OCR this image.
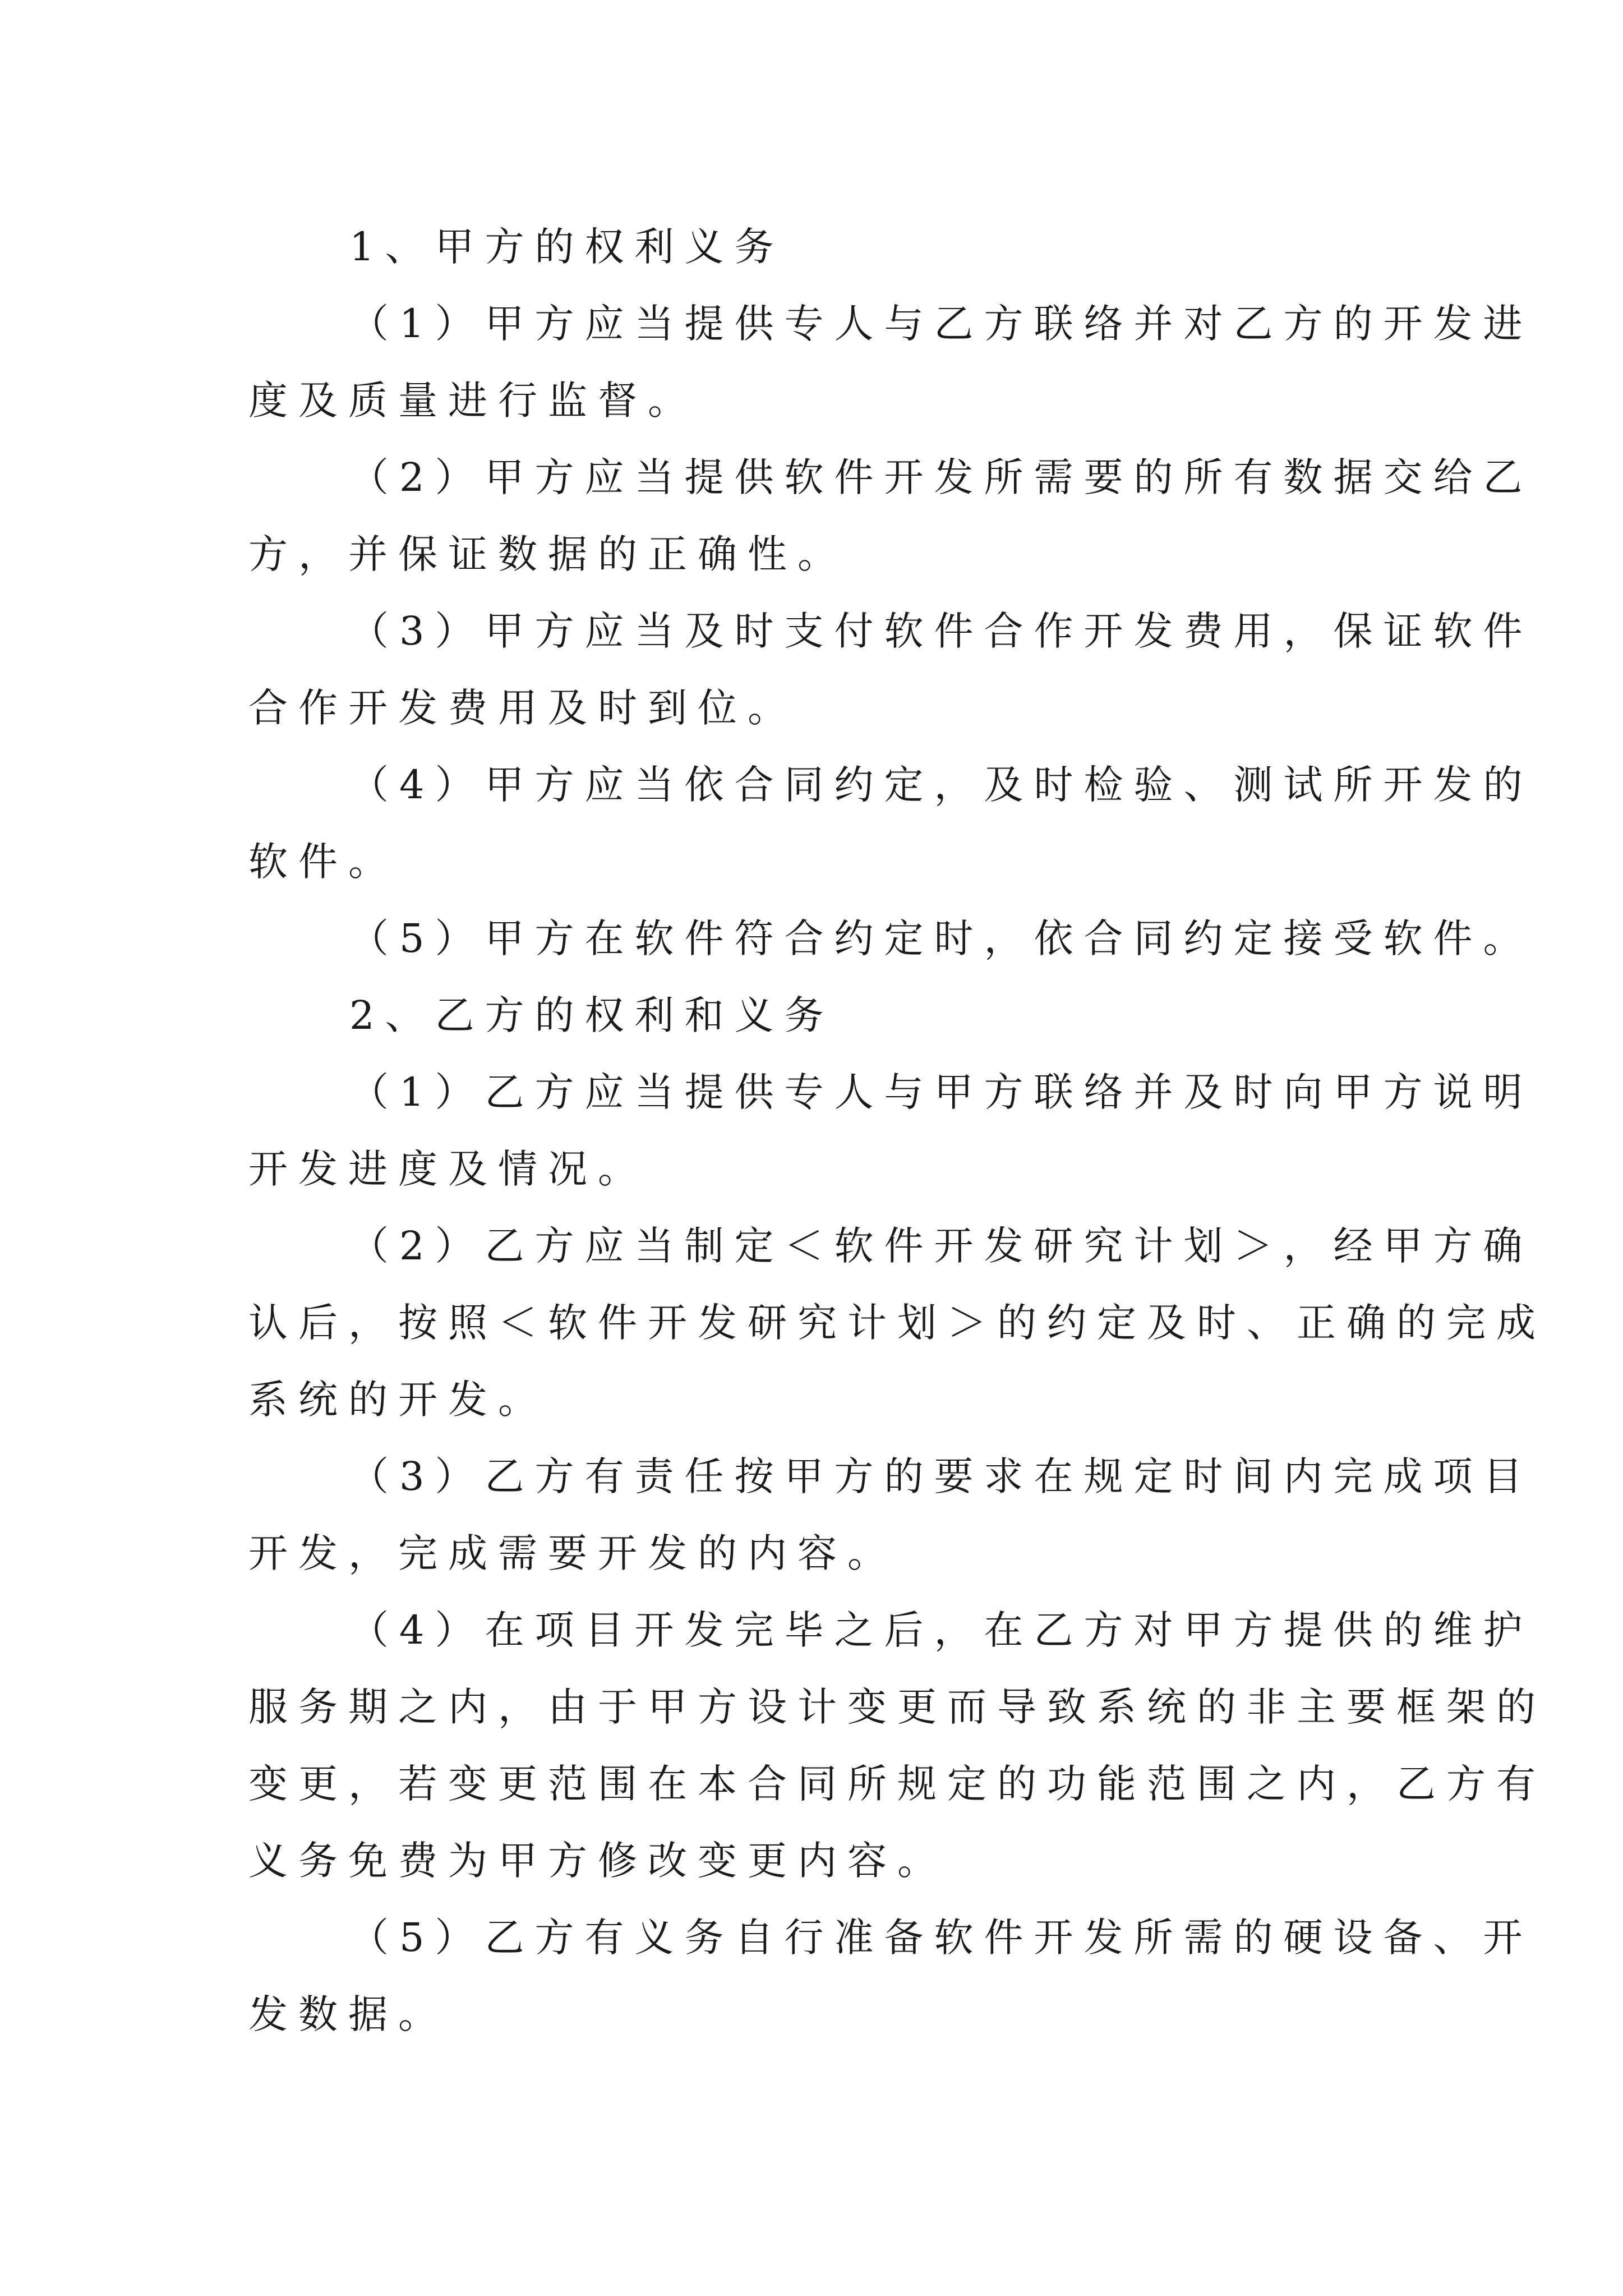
1、甲方的权利义务
（1）甲方应当提供专人与乙方联络并对乙方的开发进
度及质量进行监督。
（2）甲方应当提供软件开发所需要的所有数据交给乙
方，并保证数据的正确性。
（3）甲方应当及时支付软件合作开发费用，保证软件
合作开发费用及时到位。
（4）甲方应当依合同约定，及时检验、测试所开发的
软件。
（5）甲方在软件符合约定时，依合同约定接受软件。
2、乙方的权利和义务
（1）乙方应当提供专人与甲方联络并及时向甲方说明
开发进度及情况。
（2）乙方应当制定＜软件开发研究计划＞，经甲方确
认后，按照＜软件开发研究计划＞的约定及时、正确的完成
系统的开发。
（3）乙方有责任按甲方的要求在规定时间内完成项目
开发，完成需要开发的内容。
（4）在项目开发完毕之后，在乙方对甲方提供的维护
服务期之内，由于甲方设计变更而导致系统的非主要框架的
变更，若变更范围在本合同所规定的功能范围之内，乙方有
义务免费为甲方修改变更内容。
（5）乙方有义务自行准备软件开发所需的硬设备、开
发数据。
